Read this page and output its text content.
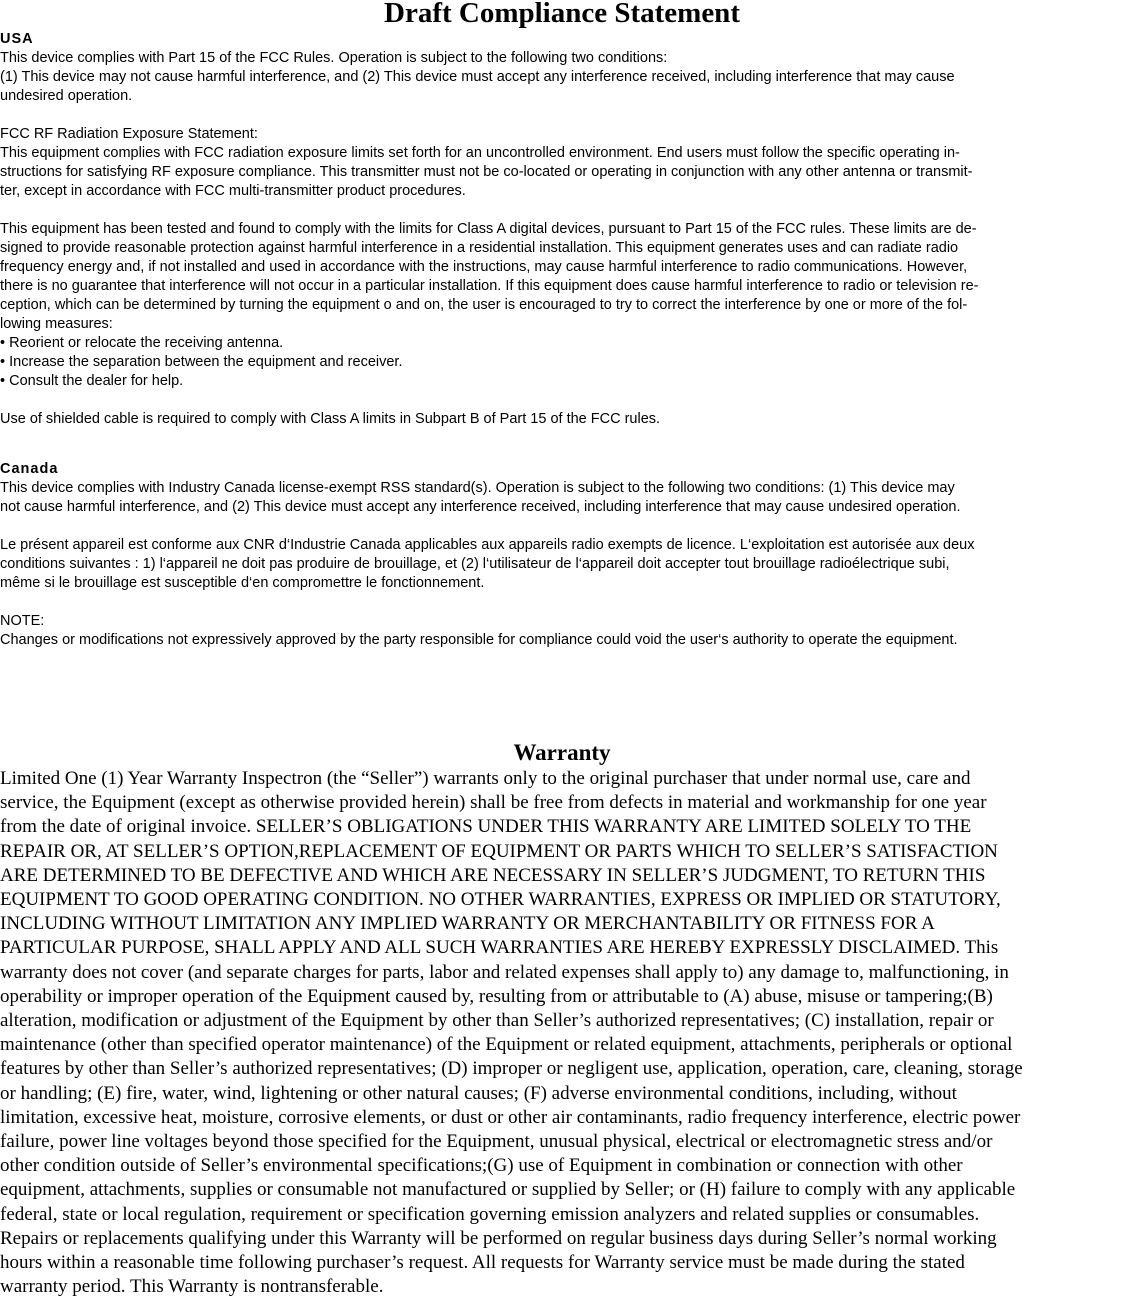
Draft Compliance Statement
USA

This device complies with Part 15 of the FCC Rules. Operation is subject to the following two conditions:
(1) This device may not cause harmful interference, and (2) This device must accept any interference received, including interference that may cause
undesired operation.

FCC RF Radiation Exposure Statement:
This equipment complies with FCC radiation exposure limits set forth for an uncontrolled environment. End users must follow the specific operating in-
structions for satisfying RF exposure compliance. This transmitter must not be co-located or operating in conjunction with any other antenna or transmit-
ter, except in accordance with FCC multi-transmitter product procedures.

This equipment has been tested and found to comply with the limits for Class A digital devices, pursuant to Part 15 of the FCC rules. These limits are de-
signed to provide reasonable protection against harmful interference in a residential installation. This equipment generates uses and can radiate radio
frequency energy and, if not installed and used in accordance with the instructions, may cause harmful interference to radio communications. However,
there is no guarantee that interference will not occur in a particular installation. If this equipment does cause harmful interference to radio or television re-
ception, which can be determined by turning the equipment o and on, the user is encouraged to try to correct the interference by one or more of the fol-
lowing measures:
• Reorient or relocate the receiving antenna.
• Increase the separation between the equipment and receiver.
• Consult the dealer for help.

Use of shielded cable is required to comply with Class A limits in Subpart B of Part 15 of the FCC rules.

Canada

This device complies with Industry Canada license-exempt RSS standard(s). Operation is subject to the following two conditions: (1) This device may
not cause harmful interference, and (2) This device must accept any interference received, including interference that may cause undesired operation.

Le présent appareil est conforme aux CNR d‘Industrie Canada applicables aux appareils radio exempts de licence. L‘exploitation est autorisée aux deux
conditions suivantes : 1) l‘appareil ne doit pas produire de brouillage, et (2) l‘utilisateur de l‘appareil doit accepter tout brouillage radioélectrique subi,
même si le brouillage est susceptible d‘en compromettre le fonctionnement.

NOTE:
Changes or modifications not expressively approved by the party responsible for compliance could void the user‘s authority to operate the equipment.

Warranty
Limited One (1) Year Warranty Inspectron (the “Seller”) warrants only to the original purchaser that under normal use, care and
service, the Equipment (except as otherwise provided herein) shall be free from defects in material and workmanship for one year
from the date of original invoice. SELLER’S OBLIGATIONS UNDER THIS WARRANTY ARE LIMITED SOLELY TO THE
REPAIR OR, AT SELLER’S OPTION,REPLACEMENT OF EQUIPMENT OR PARTS WHICH TO SELLER’S SATISFACTION
ARE DETERMINED TO BE DEFECTIVE AND WHICH ARE NECESSARY IN SELLER’S JUDGMENT, TO RETURN THIS
EQUIPMENT TO GOOD OPERATING CONDITION. NO OTHER WARRANTIES, EXPRESS OR IMPLIED OR STATUTORY,
INCLUDING WITHOUT LIMITATION ANY IMPLIED WARRANTY OR MERCHANTABILITY OR FITNESS FOR A
PARTICULAR PURPOSE, SHALL APPLY AND ALL SUCH WARRANTIES ARE HEREBY EXPRESSLY DISCLAIMED. This
warranty does not cover (and separate charges for parts, labor and related expenses shall apply to) any damage to, malfunctioning, in
operability or improper operation of the Equipment caused by, resulting from or attributable to (A) abuse, misuse or tampering;(B)
alteration, modification or adjustment of the Equipment by other than Seller’s authorized representatives; (C) installation, repair or
maintenance (other than specified operator maintenance) of the Equipment or related equipment, attachments, peripherals or optional
features by other than Seller’s authorized representatives; (D) improper or negligent use, application, operation, care, cleaning, storage
or handling; (E) fire, water, wind, lightening or other natural causes; (F) adverse environmental conditions, including, without
limitation, excessive heat, moisture, corrosive elements, or dust or other air contaminants, radio frequency interference, electric power
failure, power line voltages beyond those specified for the Equipment, unusual physical, electrical or electromagnetic stress and/or
other condition outside of Seller’s environmental specifications;(G) use of Equipment in combination or connection with other
equipment, attachments, supplies or consumable not manufactured or supplied by Seller; or (H) failure to comply with any applicable
federal, state or local regulation, requirement or specification governing emission analyzers and related supplies or consumables.
Repairs or replacements qualifying under this Warranty will be performed on regular business days during Seller’s normal working
hours within a reasonable time following purchaser’s request. All requests for Warranty service must be made during the stated
warranty period. This Warranty is nontransferable.
